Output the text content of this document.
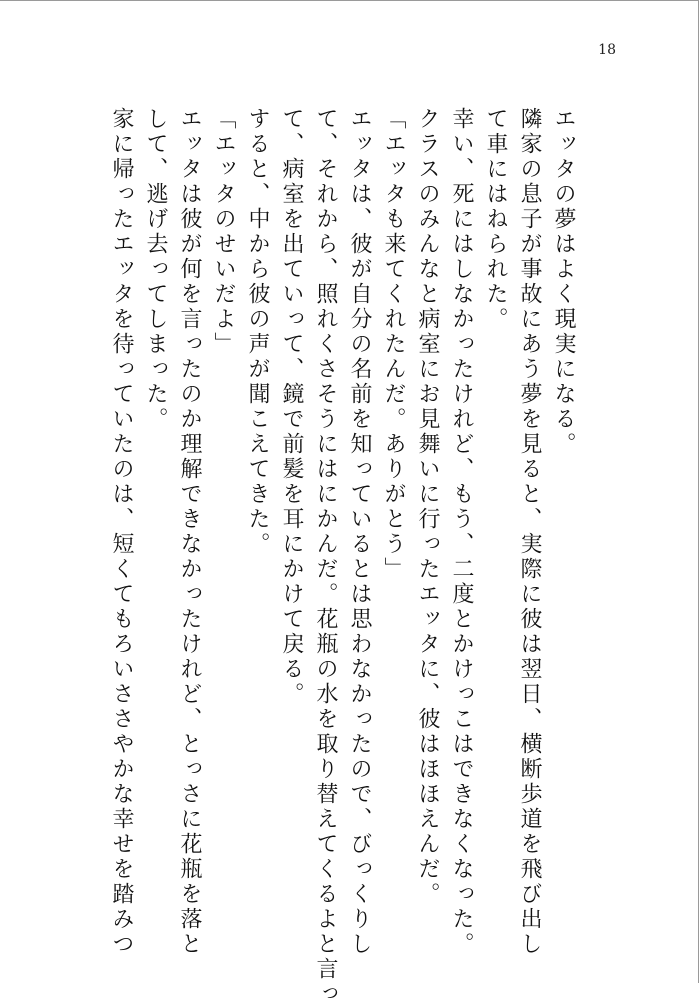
18
エッタの夢はよく現実になる。
隣家の息子が事故にあう夢を見ると、実際に彼は翌日、横断歩道を飛び出し
て車にはねられた。
幸い、死にはしなかったけれど、もう、二度とかけっこはできなくなった。
クラスのみんなと病室にお見舞いに行ったエッタに、彼はほほえんだ。
「エッタも来てくれたんだ。ありがとう」
エッタは、彼が自分の名前を知っているとは思わなかったので、びっくりし
て、それから、照れくさそうにはにかんだ。花瓶の水を取り替えてくるよと言っ
て、病室を出ていって、鏡で前髪を耳にかけて戻る。
すると、中から彼の声が聞こえてきた。
「エッタのせいだよ」
エッタは彼が何を言ったのか理解できなかったけれど、とっさに花瓶を落と
して、逃げ去ってしまった。
家に帰ったエッタを待っていたのは、短くてもろいささやかな幸せを踏みつ
